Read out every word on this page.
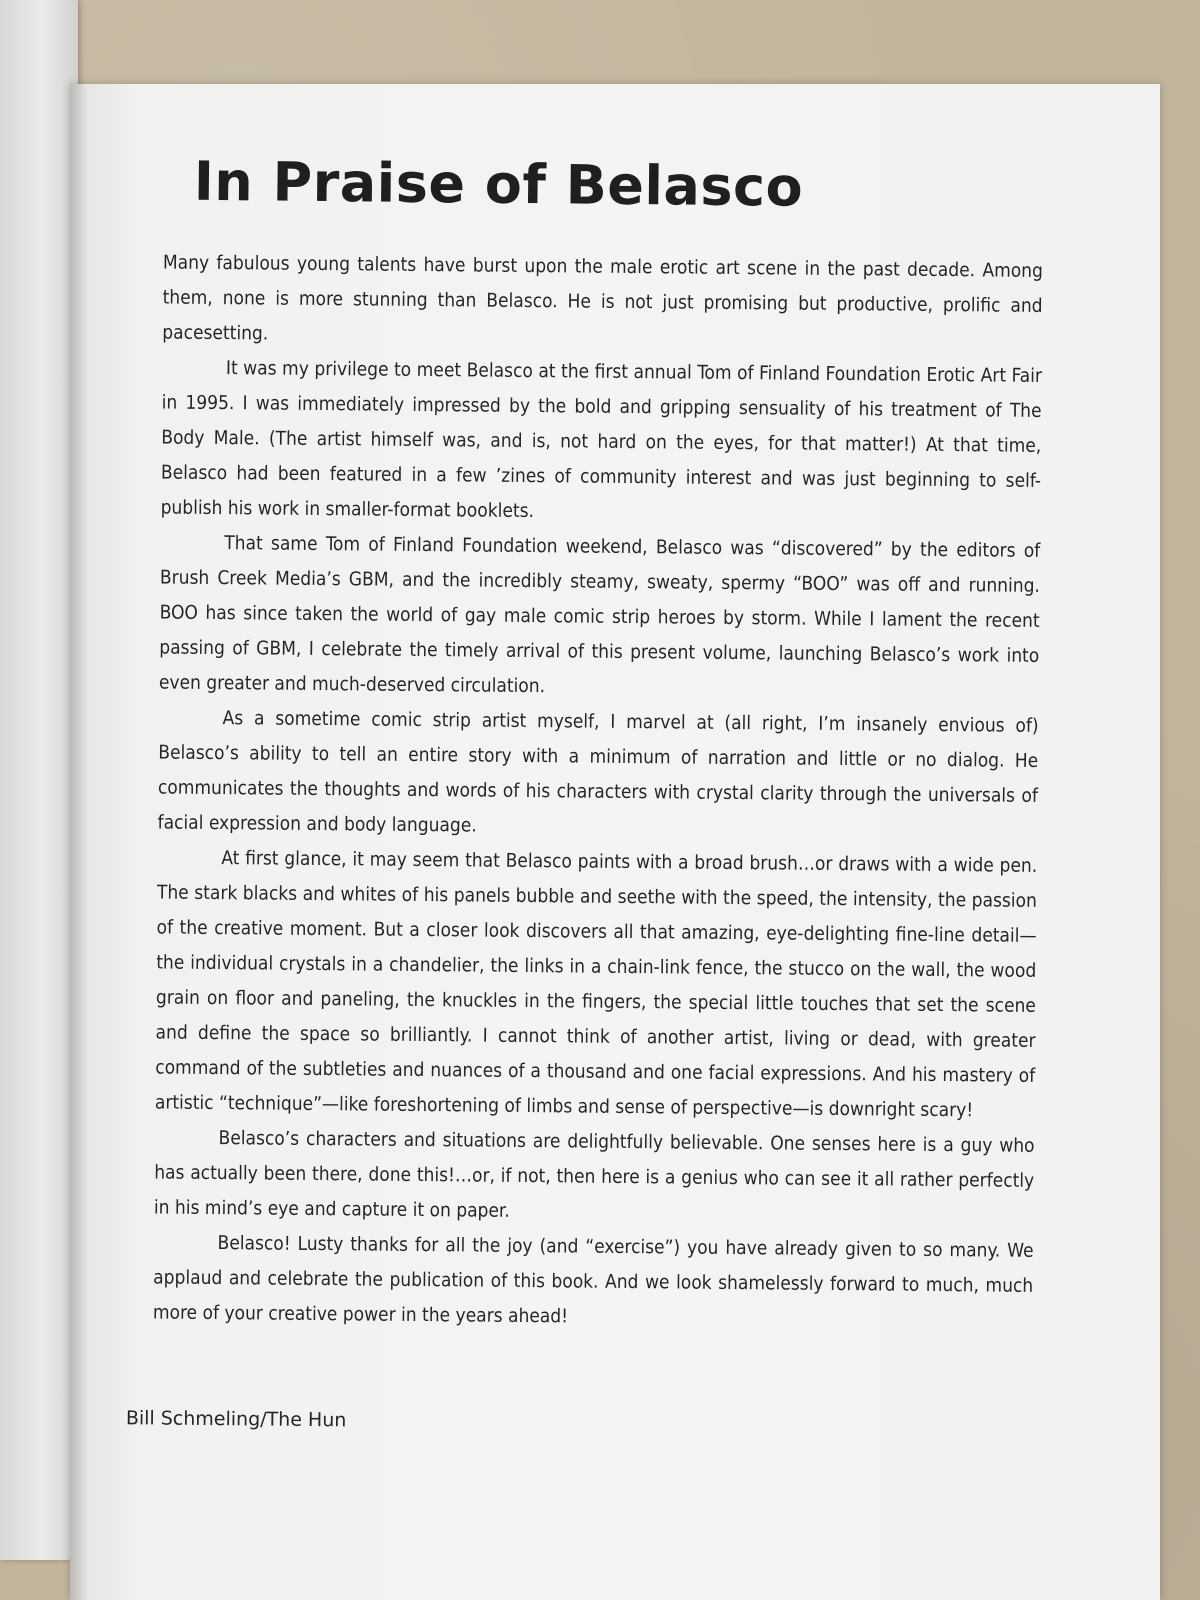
In Praise of Belasco

Many fabulous young talents have burst upon the male erotic art scene in the past decade. Among them, none is more stunning than Belasco. He is not just promising but productive, prolific and pacesetting.

It was my privilege to meet Belasco at the first annual Tom of Finland Foundation Erotic Art Fair in 1995. I was immediately impressed by the bold and gripping sensuality of his treatment of The Body Male. (The artist himself was, and is, not hard on the eyes, for that matter!) At that time, Belasco had been featured in a few ’zines of community interest and was just beginning to self-publish his work in smaller-format booklets.

That same Tom of Finland Foundation weekend, Belasco was “discovered” by the editors of Brush Creek Media’s GBM, and the incredibly steamy, sweaty, spermy “BOO” was off and running. BOO has since taken the world of gay male comic strip heroes by storm. While I lament the recent passing of GBM, I celebrate the timely arrival of this present volume, launching Belasco’s work into even greater and much-deserved circulation.

As a sometime comic strip artist myself, I marvel at (all right, I’m insanely envious of) Belasco’s ability to tell an entire story with a minimum of narration and little or no dialog. He communicates the thoughts and words of his characters with crystal clarity through the universals of facial expression and body language.

At first glance, it may seem that Belasco paints with a broad brush…or draws with a wide pen. The stark blacks and whites of his panels bubble and seethe with the speed, the intensity, the passion of the creative moment. But a closer look discovers all that amazing, eye-delighting fine-line detail—the individual crystals in a chandelier, the links in a chain-link fence, the stucco on the wall, the wood grain on floor and paneling, the knuckles in the fingers, the special little touches that set the scene and define the space so brilliantly. I cannot think of another artist, living or dead, with greater command of the subtleties and nuances of a thousand and one facial expressions. And his mastery of artistic “technique”—like foreshortening of limbs and sense of perspective—is downright scary!

Belasco’s characters and situations are delightfully believable. One senses here is a guy who has actually been there, done this!…or, if not, then here is a genius who can see it all rather perfectly in his mind’s eye and capture it on paper.

Belasco! Lusty thanks for all the joy (and “exercise”) you have already given to so many. We applaud and celebrate the publication of this book. And we look shamelessly forward to much, much more of your creative power in the years ahead!

Bill Schmeling/The Hun
